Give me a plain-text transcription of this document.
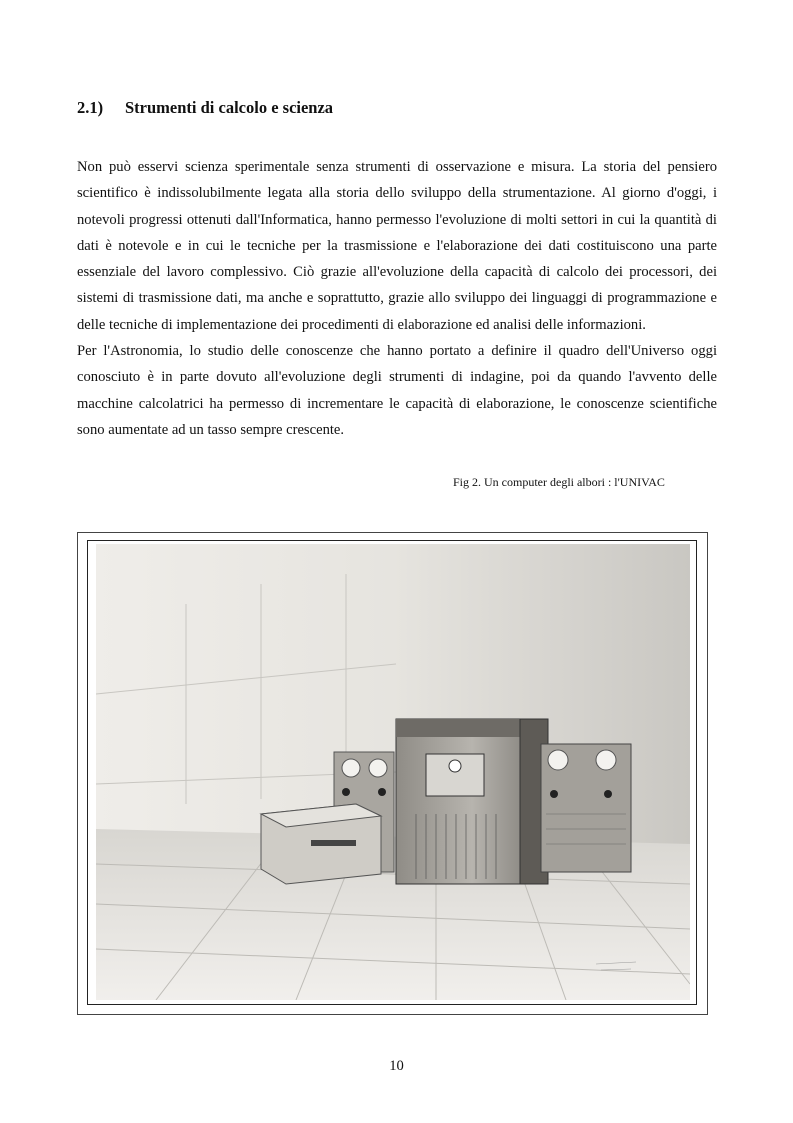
2.1) Strumenti di calcolo e scienza

Non può esservi scienza sperimentale senza strumenti di osservazione e misura. La storia del pensiero scientifico è indissolubilmente legata alla storia dello sviluppo della strumentazione. Al giorno d'oggi, i notevoli progressi ottenuti dall'Informatica, hanno permesso l'evoluzione di molti settori in cui la quantità di dati è notevole e in cui le tecniche per la trasmissione e l'elaborazione dei dati costituiscono una parte essenziale del lavoro complessivo. Ciò grazie all'evoluzione della capacità di calcolo dei processori, dei sistemi di trasmissione dati, ma anche e soprattutto, grazie allo sviluppo dei linguaggi di programmazione e delle tecniche di implementazione dei procedimenti di elaborazione ed analisi delle informazioni.

Per l'Astronomia, lo studio delle conoscenze che hanno portato a definire il quadro dell'Universo oggi conosciuto è in parte dovuto all'evoluzione degli strumenti di indagine, poi da quando l'avvento delle macchine calcolatrici ha permesso di incrementare le capacità di elaborazione, le conoscenze scientifiche sono aumentate ad un tasso sempre crescente.

Fig 2. Un computer degli albori : l'UNIVAC
10
